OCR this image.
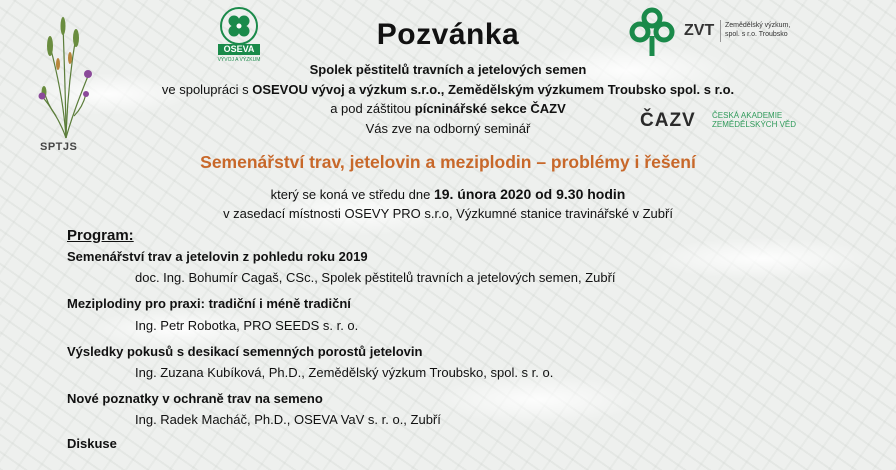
SPTJS
OSEVA
VÝVOJ A VÝZKUM
ZVT Zemědělský výzkum,
spol. s r.o. Troubsko
ČAZV ČESKÁ AKADEMIE
ZEMĚDĚLSKÝCH VĚD
Pozvánka
Spolek pěstitelů travních a jetelových semen
ve spolupráci s OSEVOU vývoj a výzkum s.r.o., Zemědělským výzkumem Troubsko spol. s r.o.
a pod záštitou pícninářské sekce ČAZV
Vás zve na odborný seminář
Semenářství trav, jetelovin a meziplodin – problémy i řešení
který se koná ve středu dne 19. února 2020 od 9.30 hodin
v zasedací místnosti OSEVY PRO s.r.o, Výzkumné stanice travinářské v Zubří
Program:
Semenářství trav a jetelovin z pohledu roku 2019
doc. Ing. Bohumír Cagaš, CSc., Spolek pěstitelů travních a jetelových semen, Zubří
Meziplodiny pro praxi: tradiční i méně tradiční
Ing. Petr Robotka, PRO SEEDS s. r. o.
Výsledky pokusů s desikací semenných porostů jetelovin
Ing. Zuzana Kubíková, Ph.D., Zemědělský výzkum Troubsko, spol. s r. o.
Nové poznatky v ochraně trav na semeno
Ing. Radek Macháč, Ph.D., OSEVA VaV s. r. o., Zubří
Diskuse
